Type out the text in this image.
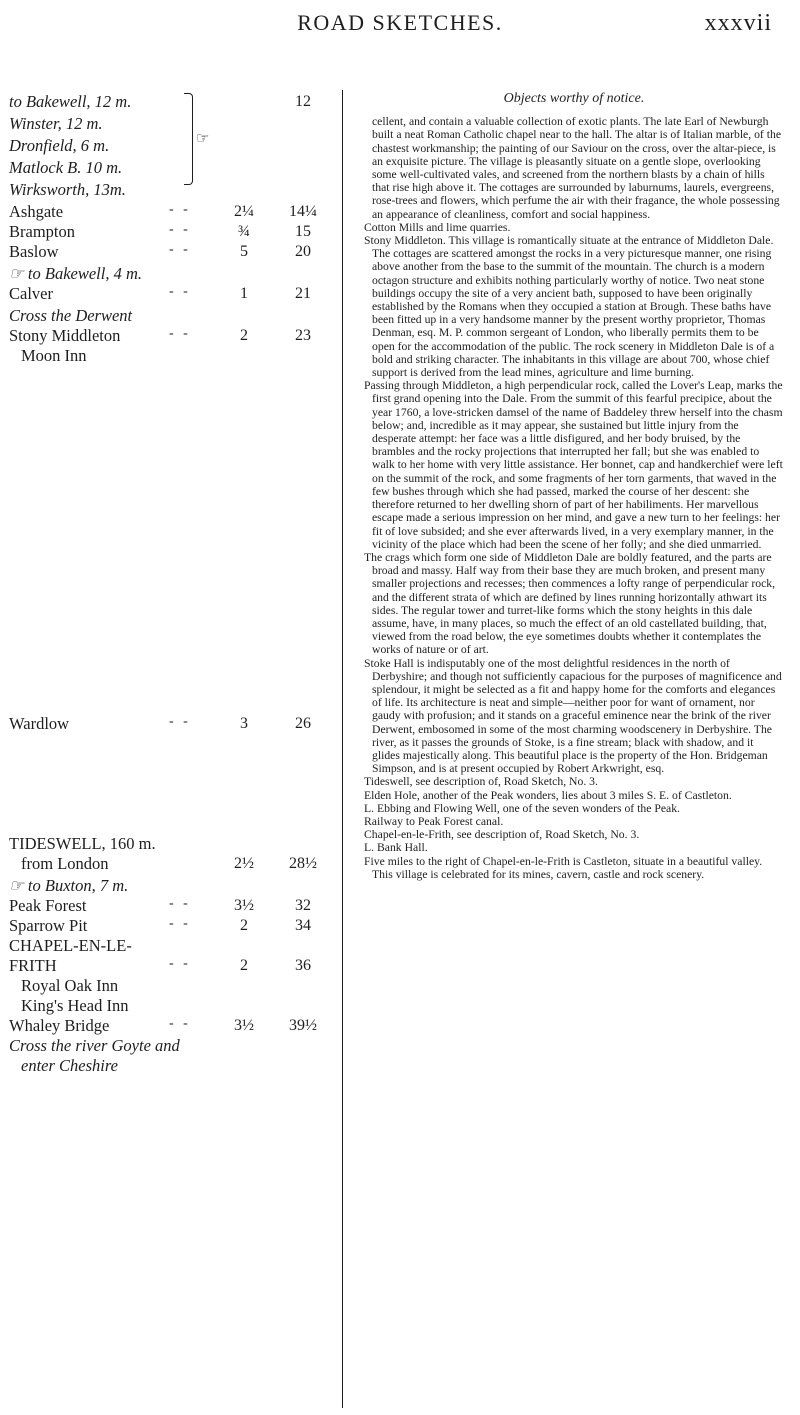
ROAD SKETCHES.	xxxvii
☞
to Bakewell, 12 m.	12
Winster, 12 m.
Dronfield, 6 m.
Matlock B. 10 m.
Wirksworth, 13m.
Ashgate	- -	2¼	14¼
Brampton	- -	¾	15
Baslow	- -	5	20
☞ to Bakewell, 4 m.
Calver	- -	1	21
Cross the Derwent
Stony Middleton	- -	2	23
Moon Inn
Wardlow	- -	3	26
TIDESWELL, 160 m.
from London	2½	28½
☞ to Buxton, 7 m.
Peak Forest	- -	3½	32
Sparrow Pit	- -	2	34
CHAPEL-EN-LE-
FRITH	- -	2	36
Royal Oak Inn
King's Head Inn
Whaley Bridge	- -	3½	39½
Cross the river Goyte and
enter Cheshire
Objects worthy of notice.

cellent, and contain a valuable collection of exotic plants. The late Earl of Newburgh built a neat Roman Catholic chapel near to the hall. The altar is of Italian marble, of the chastest workmanship; the painting of our Saviour on the cross, over the altar-piece, is an exquisite picture. The village is pleasantly situate on a gentle slope, overlooking some well-cultivated vales, and screened from the northern blasts by a chain of hills that rise high above it. The cottages are surrounded by laburnums, laurels, evergreens, rose-trees and flowers, which perfume the air with their fragance, the whole possessing an appearance of cleanliness, comfort and social happiness.

Cotton Mills and lime quarries.

Stony Middleton. This village is romantically situate at the entrance of Middleton Dale. The cottages are scattered amongst the rocks in a very picturesque manner, one rising above another from the base to the summit of the mountain. The church is a modern octagon structure and exhibits nothing particularly worthy of notice. Two neat stone buildings occupy the site of a very ancient bath, supposed to have been originally established by the Romans when they occupied a station at Brough. These baths have been fitted up in a very handsome manner by the present worthy proprietor, Thomas Denman, esq. M. P. common sergeant of London, who liberally permits them to be open for the accommodation of the public. The rock scenery in Middleton Dale is of a bold and striking character. The inhabitants in this village are about 700, whose chief support is derived from the lead mines, agriculture and lime burning.

Passing through Middleton, a high perpendicular rock, called the Lover's Leap, marks the first grand opening into the Dale. From the summit of this fearful precipice, about the year 1760, a love-stricken damsel of the name of Baddeley threw herself into the chasm below; and, incredible as it may appear, she sustained but little injury from the desperate attempt: her face was a little disfigured, and her body bruised, by the brambles and the rocky projections that interrupted her fall; but she was enabled to walk to her home with very little assistance. Her bonnet, cap and handkerchief were left on the summit of the rock, and some fragments of her torn garments, that waved in the few bushes through which she had passed, marked the course of her descent: she therefore returned to her dwelling shorn of part of her habiliments. Her marvellous escape made a serious impression on her mind, and gave a new turn to her feelings: her fit of love subsided; and she ever afterwards lived, in a very exemplary manner, in the vicinity of the place which had been the scene of her folly; and she died unmarried.

The crags which form one side of Middleton Dale are boldly featured, and the parts are broad and massy. Half way from their base they are much broken, and present many smaller projections and recesses; then commences a lofty range of perpendicular rock, and the different strata of which are defined by lines running horizontally athwart its sides. The regular tower and turret-like forms which the stony heights in this dale assume, have, in many places, so much the effect of an old castellated building, that, viewed from the road below, the eye sometimes doubts whether it contemplates the works of nature or of art.

Stoke Hall is indisputably one of the most delightful residences in the north of Derbyshire; and though not sufficiently capacious for the purposes of magnificence and splendour, it might be selected as a fit and happy home for the comforts and elegances of life. Its architecture is neat and simple—neither poor for want of ornament, nor gaudy with profusion; and it stands on a graceful eminence near the brink of the river Derwent, embosomed in some of the most charming woodscenery in Derbyshire. The river, as it passes the grounds of Stoke, is a fine stream; black with shadow, and it glides majestically along. This beautiful place is the property of the Hon. Bridgeman Simpson, and is at present occupied by Robert Arkwright, esq.

Tideswell, see description of, Road Sketch, No. 3.

Elden Hole, another of the Peak wonders, lies about 3 miles S. E. of Castleton.

L. Ebbing and Flowing Well, one of the seven wonders of the Peak.

Railway to Peak Forest canal.

Chapel-en-le-Frith, see description of, Road Sketch, No. 3.

L. Bank Hall.

Five miles to the right of Chapel-en-le-Frith is Castleton, situate in a beautiful valley. This village is celebrated for its mines, cavern, castle and rock scenery.
